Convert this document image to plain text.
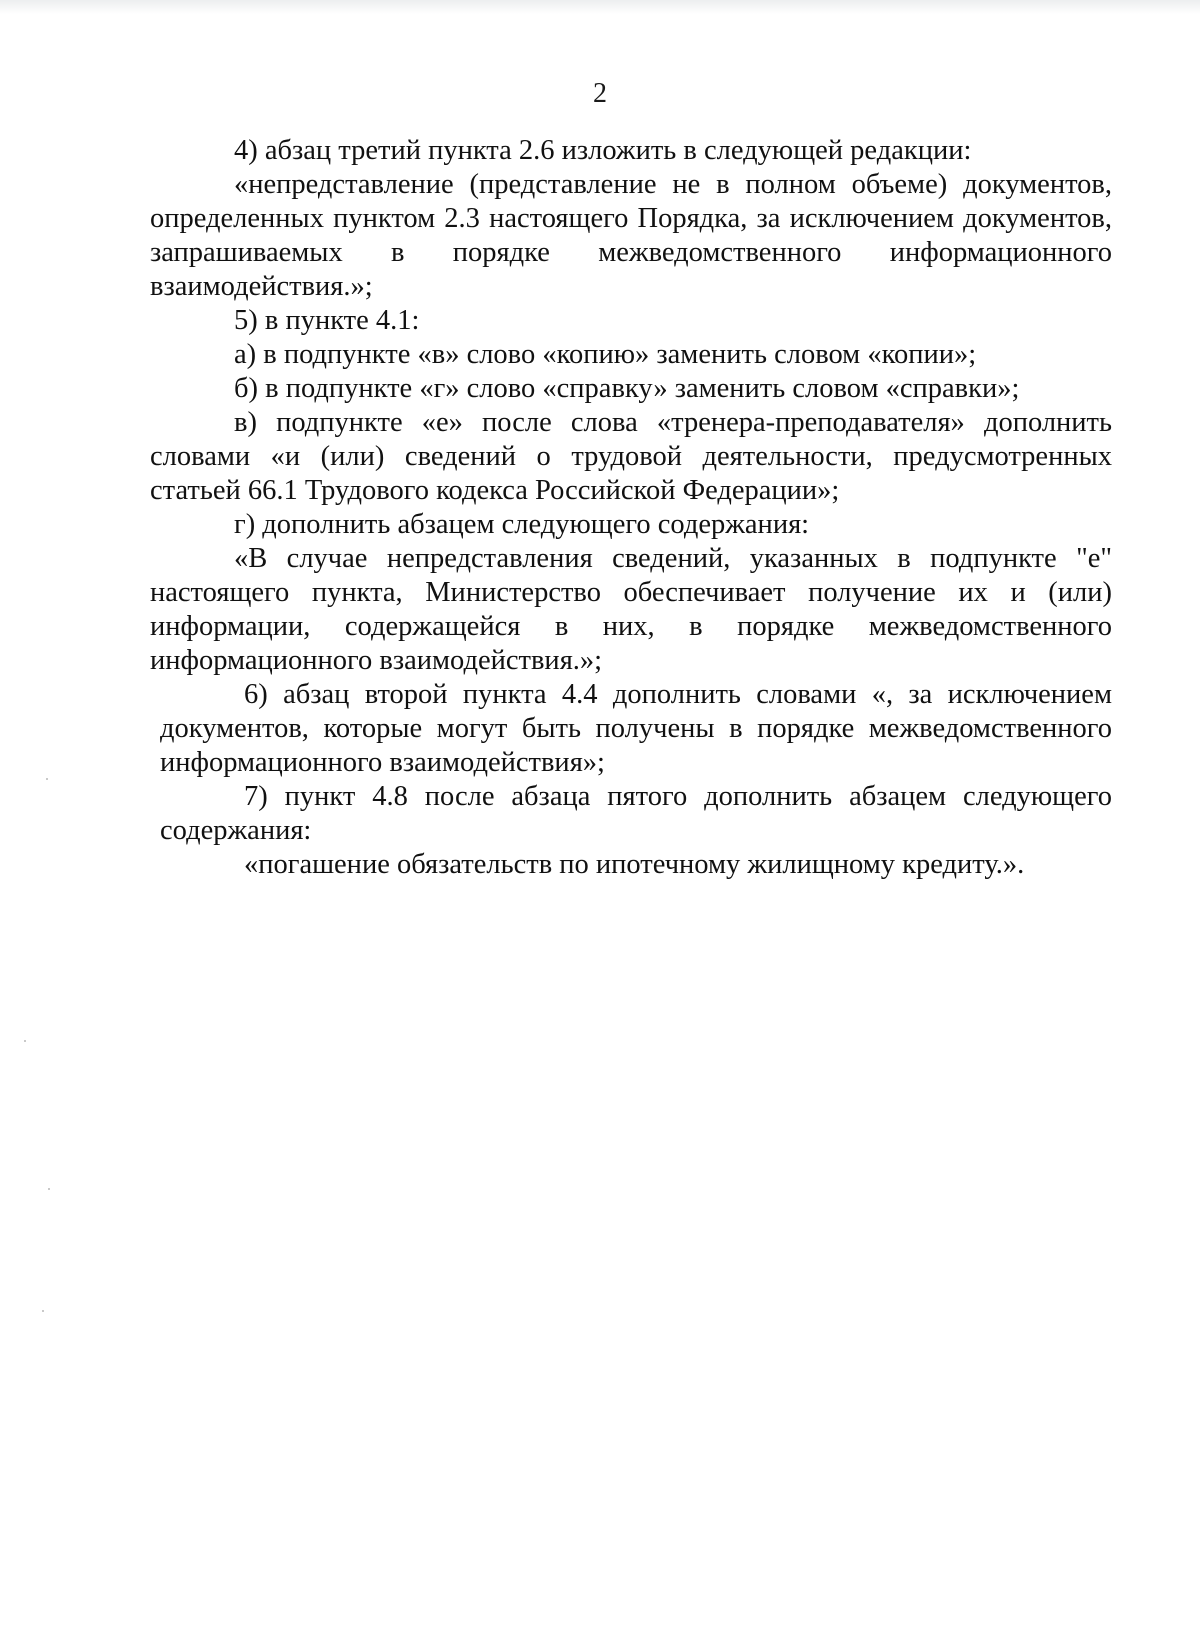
2

4) абзац третий пункта 2.6 изложить в следующей редакции:

«непредставление (представление не в полном объеме) документов, определенных пунктом 2.3 настоящего Порядка, за исключением документов, запрашиваемых в порядке межведомственного информационного взаимодействия.»;

5) в пункте 4.1:

а) в подпункте «в» слово «копию» заменить словом «копии»;

б) в подпункте «г» слово «справку» заменить словом «справки»;

в) подпункте «е» после слова «тренера-преподавателя» дополнить словами «и (или) сведений о трудовой деятельности, предусмотренных статьей 66.1 Трудового кодекса Российской Федерации»;

г) дополнить абзацем следующего содержания:

«В случае непредставления сведений, указанных в подпункте "е" настоящего пункта, Министерство обеспечивает получение их и (или) информации, содержащейся в них, в порядке межведомственного информационного взаимодействия.»;

6) абзац второй пункта 4.4 дополнить словами «, за исключением документов, которые могут быть получены в порядке межведомственного информационного взаимодействия»;

7) пункт 4.8 после абзаца пятого дополнить абзацем следующего содержания:

«погашение обязательств по ипотечному жилищному кредиту.».
